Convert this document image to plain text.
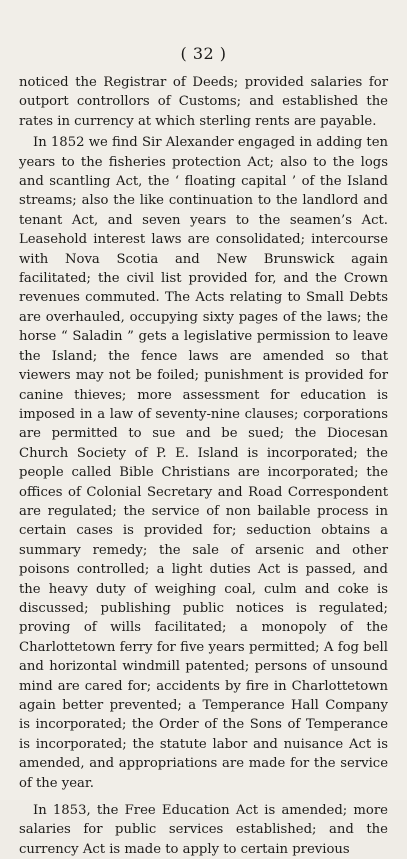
( 32 )

noticed the Registrar of Deeds; provided salaries for outport controllors of Customs; and established the rates in currency at which sterling rents are payable.

In 1852 we find Sir Alexander engaged in adding ten years to the fisheries protection Act; also to the logs and scantling Act, the ‘ floating capital ’ of the Island streams; also the like continuation to the landlord and tenant Act, and seven years to the seamen’s Act. Leasehold interest laws are consolidated; intercourse with Nova Scotia and New Brunswick again facilitated; the civil list provided for, and the Crown revenues commuted. The Acts relating to Small Debts are overhauled, occupying sixty pages of the laws; the horse “ Saladin ” gets a legislative permission to leave the Island; the fence laws are amended so that viewers may not be foiled; punishment is provided for canine thieves; more assessment for education is imposed in a law of seventy-nine clauses; corporations are permitted to sue and be sued; the Diocesan Church Society of P. E. Island is incorporated; the people called Bible Christians are incorporated; the offices of Colonial Secretary and Road Correspondent are regulated; the service of non bailable process in certain cases is provided for; seduction obtains a summary remedy; the sale of arsenic and other poisons controlled; a light duties Act is passed, and the heavy duty of weighing coal, culm and coke is discussed; publishing public notices is regulated; proving of wills facilitated; a monopoly of the Charlottetown ferry for five years permitted; A fog bell and horizontal windmill patented; persons of unsound mind are cared for; accidents by fire in Charlottetown again better prevented; a Temperance Hall Company is incorporated; the Order of the Sons of Temperance is incorporated; the statute labor and nuisance Act is amended, and appropriations are made for the service of the year.

In 1853, the Free Education Act is amended; more salaries for public services established; and the currency Act is made to apply to certain previous
